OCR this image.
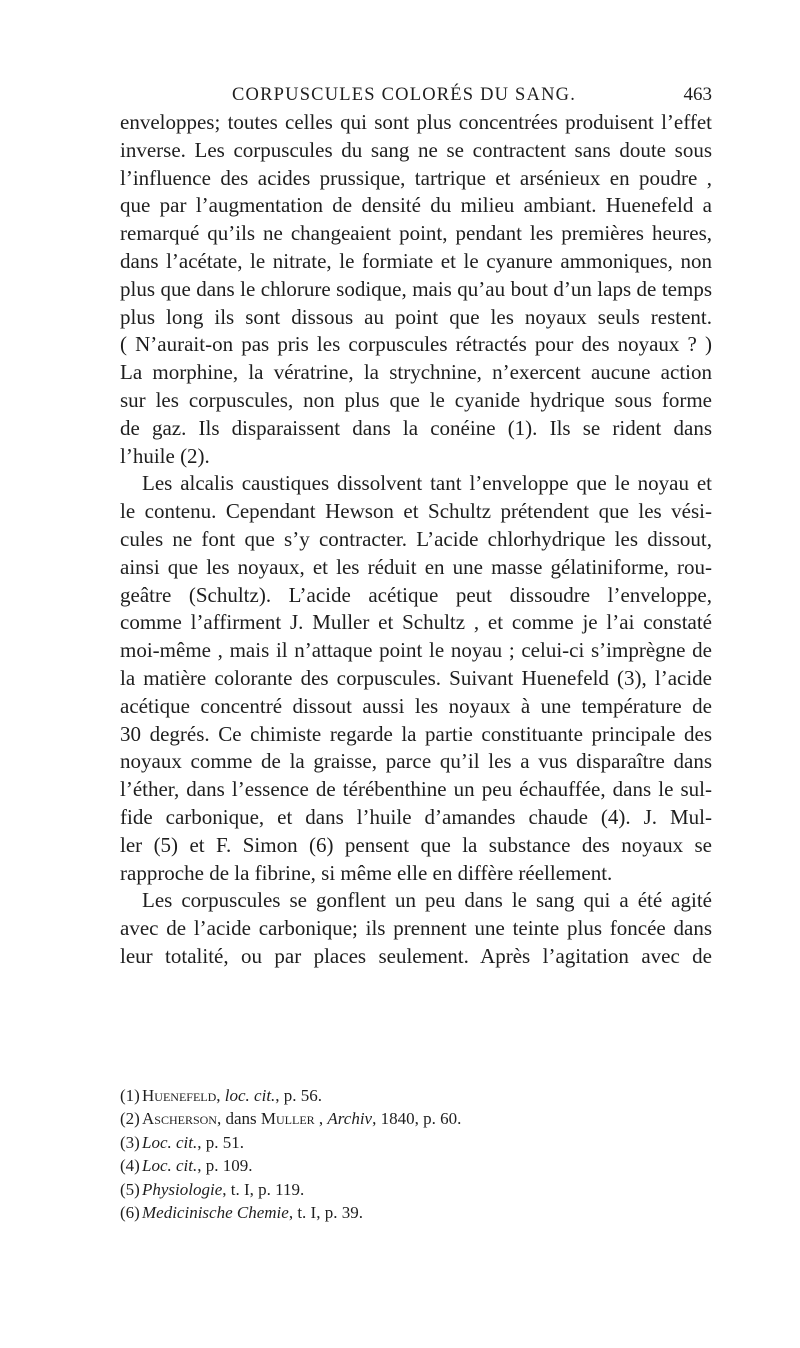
CORPUSCULES COLORÉS DU SANG.	463
enveloppes; toutes celles qui sont plus concentrées produisent l’effet
inverse. Les corpuscules du sang ne se contractent sans doute sous
l’influence des acides prussique, tartrique et arsénieux en poudre ,
que par l’augmentation de densité du milieu ambiant. Huenefeld a
remarqué qu’ils ne changeaient point, pendant les premières heures,
dans l’acétate, le nitrate, le formiate et le cyanure ammoniques, non
plus que dans le chlorure sodique, mais qu’au bout d’un laps de temps
plus long ils sont dissous au point que les noyaux seuls restent.
( N’aurait-on pas pris les corpuscules rétractés pour des noyaux ? )
La morphine, la vératrine, la strychnine, n’exercent aucune action
sur les corpuscules, non plus que le cyanide hydrique sous forme
de gaz. Ils disparaissent dans la conéine (1). Ils se rident dans
l’huile (2).
Les alcalis caustiques dissolvent tant l’enveloppe que le noyau et
le contenu. Cependant Hewson et Schultz prétendent que les vési-
cules ne font que s’y contracter. L’acide chlorhydrique les dissout,
ainsi que les noyaux, et les réduit en une masse gélatiniforme, rou-
geâtre (Schultz). L’acide acétique peut dissoudre l’enveloppe,
comme l’affirment J. Muller et Schultz , et comme je l’ai constaté
moi-même , mais il n’attaque point le noyau ; celui-ci s’imprègne de
la matière colorante des corpuscules. Suivant Huenefeld (3), l’acide
acétique concentré dissout aussi les noyaux à une température de
30 degrés. Ce chimiste regarde la partie constituante principale des
noyaux comme de la graisse, parce qu’il les a vus disparaître dans
l’éther, dans l’essence de térébenthine un peu échauffée, dans le sul-
fide carbonique, et dans l’huile d’amandes chaude (4). J. Mul-
ler (5) et F. Simon (6) pensent que la substance des noyaux se
rapproche de la fibrine, si même elle en diffère réellement.
Les corpuscules se gonflent un peu dans le sang qui a été agité
avec de l’acide carbonique; ils prennent une teinte plus foncée dans
leur totalité, ou par places seulement. Après l’agitation avec de
(1) Huenefeld, loc. cit., p. 56.
(2) Ascherson, dans Muller , Archiv, 1840, p. 60.
(3) Loc. cit., p. 51.
(4) Loc. cit., p. 109.
(5) Physiologie, t. I, p. 119.
(6) Medicinische Chemie, t. I, p. 39.
